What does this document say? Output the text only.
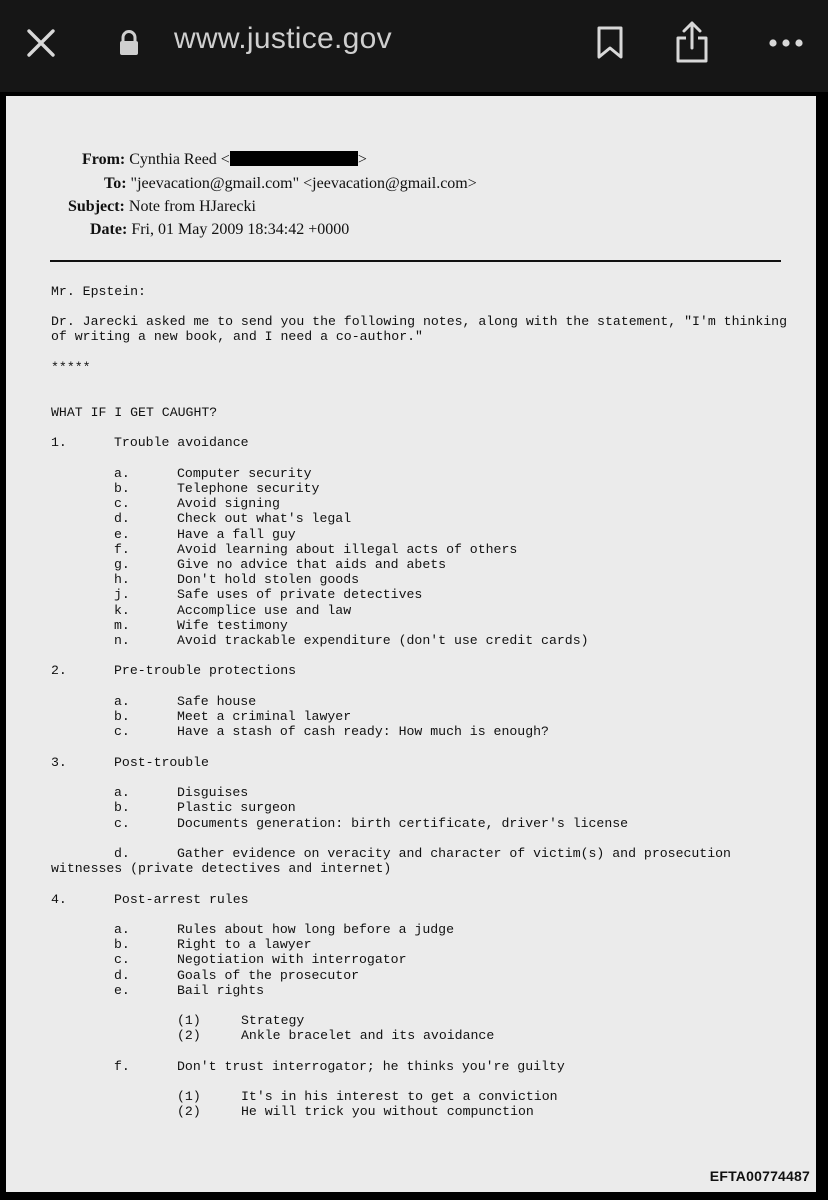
www.justice.gov
From: Cynthia Reed <	>
To: "jeevacation@gmail.com" <jeevacation@gmail.com>
Subject: Note from HJarecki
Date: Fri, 01 May 2009 18:34:42 +0000
Mr. Epstein:
Dr. Jarecki asked me to send you the following notes, along with the statement, "I'm thinking
of writing a new book, and I need a co-author."
*****
WHAT IF I GET CAUGHT?
1.	Trouble avoidance
a.	Computer security
b.	Telephone security
c.	Avoid signing
d.	Check out what's legal
e.	Have a fall guy
f.	Avoid learning about illegal acts of others
g.	Give no advice that aids and abets
h.	Don't hold stolen goods
j.	Safe uses of private detectives
k.	Accomplice use and law
m.	Wife testimony
n.	Avoid trackable expenditure (don't use credit cards)
2.	Pre-trouble protections
a.	Safe house
b.	Meet a criminal lawyer
c.	Have a stash of cash ready: How much is enough?
3.	Post-trouble
a.	Disguises
b.	Plastic surgeon
c.	Documents generation: birth certificate, driver's license
d.	Gather evidence on veracity and character of victim(s) and prosecution
witnesses (private detectives and internet)
4.	Post-arrest rules
a.	Rules about how long before a judge
b.	Right to a lawyer
c.	Negotiation with interrogator
d.	Goals of the prosecutor
e.	Bail rights
(1)	Strategy
(2)	Ankle bracelet and its avoidance
f.	Don't trust interrogator; he thinks you're guilty
(1)	It's in his interest to get a conviction
(2)	He will trick you without compunction
EFTA00774487
